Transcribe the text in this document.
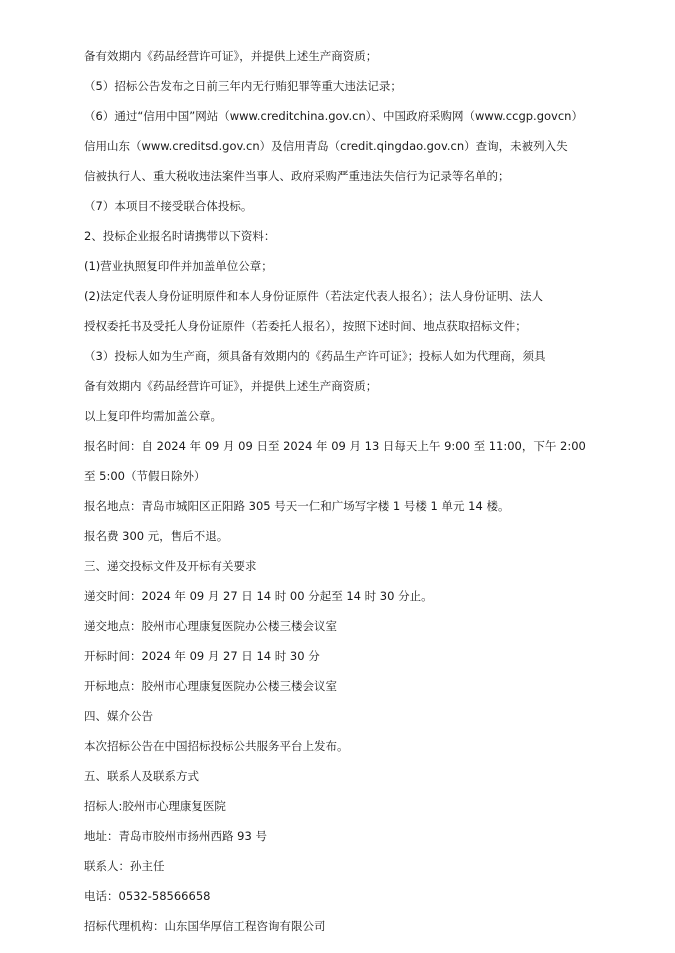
备有效期内《药品经营许可证》，并提供上述生产商资质；
（5）招标公告发布之日前三年内无行贿犯罪等重大违法记录；
（6）通过“信用中国”网站（www.creditchina.gov.cn）、中国政府采购网（www.ccgp.govcn）
信用山东（www.creditsd.gov.cn）及信用青岛（credit.qingdao.gov.cn）查询，未被列入失
信被执行人、重大税收违法案件当事人、政府采购严重违法失信行为记录等名单的；
（7）本项目不接受联合体投标。
2、投标企业报名时请携带以下资料：
(1)营业执照复印件并加盖单位公章；
(2)法定代表人身份证明原件和本人身份证原件（若法定代表人报名）；法人身份证明、法人
授权委托书及受托人身份证原件（若委托人报名），按照下述时间、地点获取招标文件；
（3）投标人如为生产商，须具备有效期内的《药品生产许可证》；投标人如为代理商，须具
备有效期内《药品经营许可证》，并提供上述生产商资质；
以上复印件均需加盖公章。
报名时间：自 2024 年 09 月 09 日至 2024 年 09 月 13 日每天上午 9:00 至 11:00，下午 2:00
至 5:00（节假日除外）
报名地点：青岛市城阳区正阳路 305 号天一仁和广场写字楼 1 号楼 1 单元 14 楼。
报名费 300 元，售后不退。
三、递交投标文件及开标有关要求
递交时间：2024 年 09 月 27 日 14 时 00 分起至 14 时 30 分止。
递交地点：胶州市心理康复医院办公楼三楼会议室
开标时间：2024 年 09 月 27 日 14 时 30 分
开标地点：胶州市心理康复医院办公楼三楼会议室
四、媒介公告
本次招标公告在中国招标投标公共服务平台上发布。
五、联系人及联系方式
招标人:胶州市心理康复医院
地址：青岛市胶州市扬州西路 93 号
联系人：孙主任
电话：0532-58566658
招标代理机构：山东国华厚信工程咨询有限公司
